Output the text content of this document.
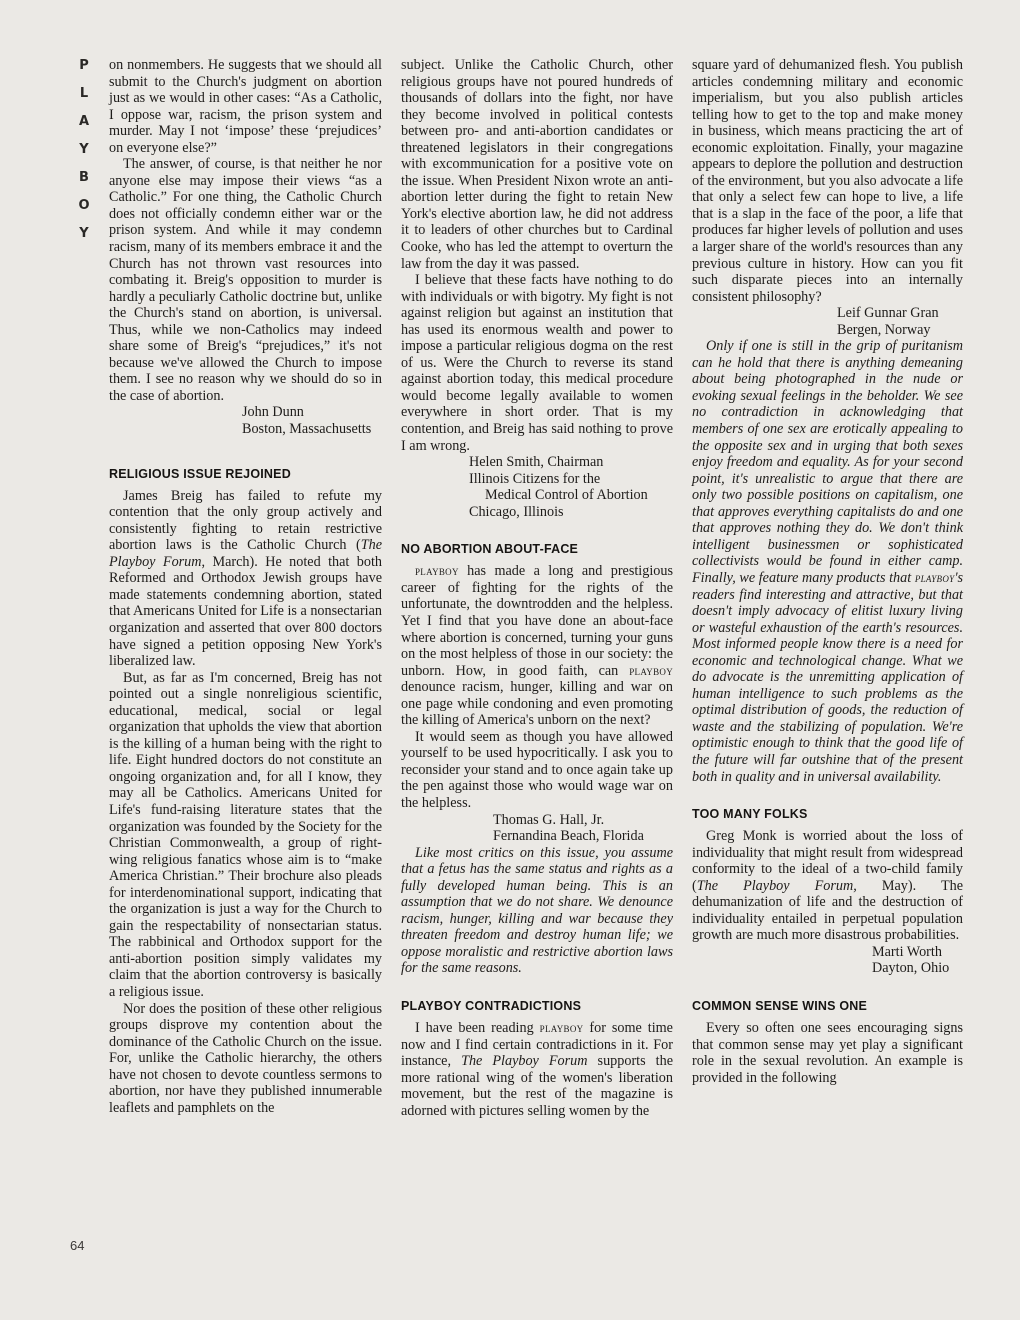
P
L
A
Y
B
O
Y
64

on nonmembers. He suggests that we should all submit to the Church's judgment on abortion just as we would in other cases: “As a Catholic, I oppose war, racism, the prison system and murder. May I not ‘impose’ these ‘prejudices’ on everyone else?”

The answer, of course, is that neither he nor anyone else may impose their views “as a Catholic.” For one thing, the Catholic Church does not officially condemn either war or the prison system. And while it may condemn racism, many of its members embrace it and the Church has not thrown vast resources into combating it. Breig's opposition to murder is hardly a peculiarly Catholic doctrine but, unlike the Church's stand on abortion, is universal. Thus, while we non-Catholics may indeed share some of Breig's “prejudices,” it's not because we've allowed the Church to impose them. I see no reason why we should do so in the case of abortion.

John Dunn
Boston, Massachusetts
RELIGIOUS ISSUE REJOINED

James Breig has failed to refute my contention that the only group actively and consistently fighting to retain restrictive abortion laws is the Catholic Church (The Playboy Forum, March). He noted that both Reformed and Orthodox Jewish groups have made statements condemning abortion, stated that Americans United for Life is a nonsectarian organization and asserted that over 800 doctors have signed a petition opposing New York's liberalized law.

But, as far as I'm concerned, Breig has not pointed out a single nonreligious scientific, educational, medical, social or legal organization that upholds the view that abortion is the killing of a human being with the right to life. Eight hundred doctors do not constitute an ongoing organization and, for all I know, they may all be Catholics. Americans United for Life's fund-raising literature states that the organization was founded by the Society for the Christian Commonwealth, a group of right-wing religious fanatics whose aim is to “make America Christian.” Their brochure also pleads for interdenominational support, indicating that the organization is just a way for the Church to gain the respectability of nonsectarian status. The rabbinical and Orthodox support for the anti-abortion position simply validates my claim that the abortion controversy is basically a religious issue.

Nor does the position of these other religious groups disprove my contention about the dominance of the Catholic Church on the issue. For, unlike the Catholic hierarchy, the others have not chosen to devote countless sermons to abortion, nor have they published innumerable leaflets and pamphlets on the

subject. Unlike the Catholic Church, other religious groups have not poured hundreds of thousands of dollars into the fight, nor have they become involved in political contests between pro- and anti-abortion candidates or threatened legislators in their congregations with excommunication for a positive vote on the issue. When President Nixon wrote an anti-abortion letter during the fight to retain New York's elective abortion law, he did not address it to leaders of other churches but to Cardinal Cooke, who has led the attempt to overturn the law from the day it was passed.

I believe that these facts have nothing to do with individuals or with bigotry. My fight is not against religion but against an institution that has used its enormous wealth and power to impose a particular religious dogma on the rest of us. Were the Church to reverse its stand against abortion today, this medical procedure would become legally available to women everywhere in short order. That is my contention, and Breig has said nothing to prove I am wrong.

Helen Smith, Chairman
Illinois Citizens for the
Medical Control of Abortion
Chicago, Illinois
NO ABORTION ABOUT-FACE

playboy has made a long and prestigious career of fighting for the rights of the unfortunate, the downtrodden and the helpless. Yet I find that you have done an about-face where abortion is concerned, turning your guns on the most helpless of those in our society: the unborn. How, in good faith, can playboy denounce racism, hunger, killing and war on one page while condoning and even promoting the killing of America's unborn on the next?

It would seem as though you have allowed yourself to be used hypocritically. I ask you to reconsider your stand and to once again take up the pen against those who would wage war on the helpless.

Thomas G. Hall, Jr.
Fernandina Beach, Florida

Like most critics on this issue, you assume that a fetus has the same status and rights as a fully developed human being. This is an assumption that we do not share. We denounce racism, hunger, killing and war because they threaten freedom and destroy human life; we oppose moralistic and restrictive abortion laws for the same reasons.

PLAYBOY CONTRADICTIONS

I have been reading playboy for some time now and I find certain contradictions in it. For instance, The Playboy Forum supports the more rational wing of the women's liberation movement, but the rest of the magazine is adorned with pictures selling women by the

square yard of dehumanized flesh. You publish articles condemning military and economic imperialism, but you also publish articles telling how to get to the top and make money in business, which means practicing the art of economic exploitation. Finally, your magazine appears to deplore the pollution and destruction of the environment, but you also advocate a life that only a select few can hope to live, a life that is a slap in the face of the poor, a life that produces far higher levels of pollution and uses a larger share of the world's resources than any previous culture in history. How can you fit such disparate pieces into an internally consistent philosophy?

Leif Gunnar Gran
Bergen, Norway

Only if one is still in the grip of puritanism can he hold that there is anything demeaning about being photographed in the nude or evoking sexual feelings in the beholder. We see no contradiction in acknowledging that members of one sex are erotically appealing to the opposite sex and in urging that both sexes enjoy freedom and equality. As for your second point, it's unrealistic to argue that there are only two possible positions on capitalism, one that approves everything capitalists do and one that approves nothing they do. We don't think intelligent businessmen or sophisticated collectivists would be found in either camp. Finally, we feature many products that playboy's readers find interesting and attractive, but that doesn't imply advocacy of elitist luxury living or wasteful exhaustion of the earth's resources. Most informed people know there is a need for economic and technological change. What we do advocate is the unremitting application of human intelligence to such problems as the optimal distribution of goods, the reduction of waste and the stabilizing of population. We're optimistic enough to think that the good life of the future will far outshine that of the present both in quality and in universal availability.

TOO MANY FOLKS

Greg Monk is worried about the loss of individuality that might result from widespread conformity to the ideal of a two-child family (The Playboy Forum, May). The dehumanization of life and the destruction of individuality entailed in perpetual population growth are much more disastrous probabilities.

Marti Worth
Dayton, Ohio
COMMON SENSE WINS ONE

Every so often one sees encouraging signs that common sense may yet play a significant role in the sexual revolution. An example is provided in the following
